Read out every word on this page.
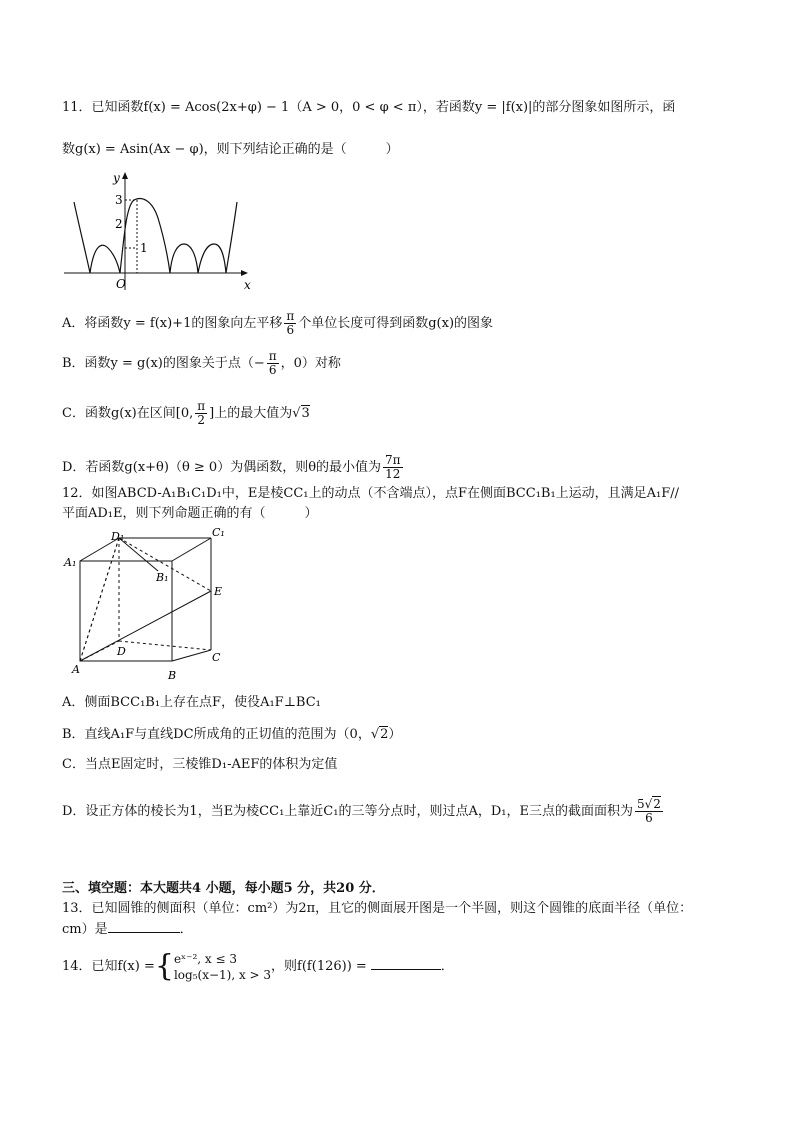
11．已知函数f(x) = Acos(2x+φ) − 1（A > 0，0 < φ < π），若函数y = |f(x)|的部分图象如图所示，函
数g(x) = Asin(Ax − φ)，则下列结论正确的是（　　　）
y
x
O
3
2
1
A．将函数y = f(x)+1的图象向左平移 $\frac{\pi}{6}$ 个单位长度可得到函数g(x)的图象
B．函数y = g(x)的图象关于点（− $\frac{\pi}{6}$ ，0）对称
C．函数g(x)在区间[0, $\frac{\pi}{2}$ ]上的最大值为√3
D．若函数g(x+θ)（θ ≥ 0）为偶函数，则θ的最小值为 $\frac{7\pi}{12}$
12．如图ABCD-A₁B₁C₁D₁中，E是棱CC₁上的动点（不含端点），点F在侧面BCC₁B₁上运动，且满足A₁F//
平面AD₁E，则下列命题正确的有（　　　）
D₁	C₁
A₁
B₁
E
D	C
A	B
A．侧面BCC₁B₁上存在点F，使役A₁F⊥BC₁
B．直线A₁F与直线DC所成角的正切值的范围为（0，√2）
C．当点E固定时，三棱锥D₁-AEF的体积为定值
D．设正方体的棱长为1，当E为棱CC₁上靠近C₁的三等分点时，则过点A，D₁，E三点的截面面积为 $\frac{5√2}{6}$
三、填空题：本大题共4 小题，每小题5 分，共20 分．
13．已知圆锥的侧面积（单位：cm²）为2π，且它的侧面展开图是一个半圆，则这个圆锥的底面半径（单位：
cm）是	．
14．已知f(x) ={ eˣ⁻², x ≤ 3
log₅(x−1), x > 3
，则f(f(126)) =	．
